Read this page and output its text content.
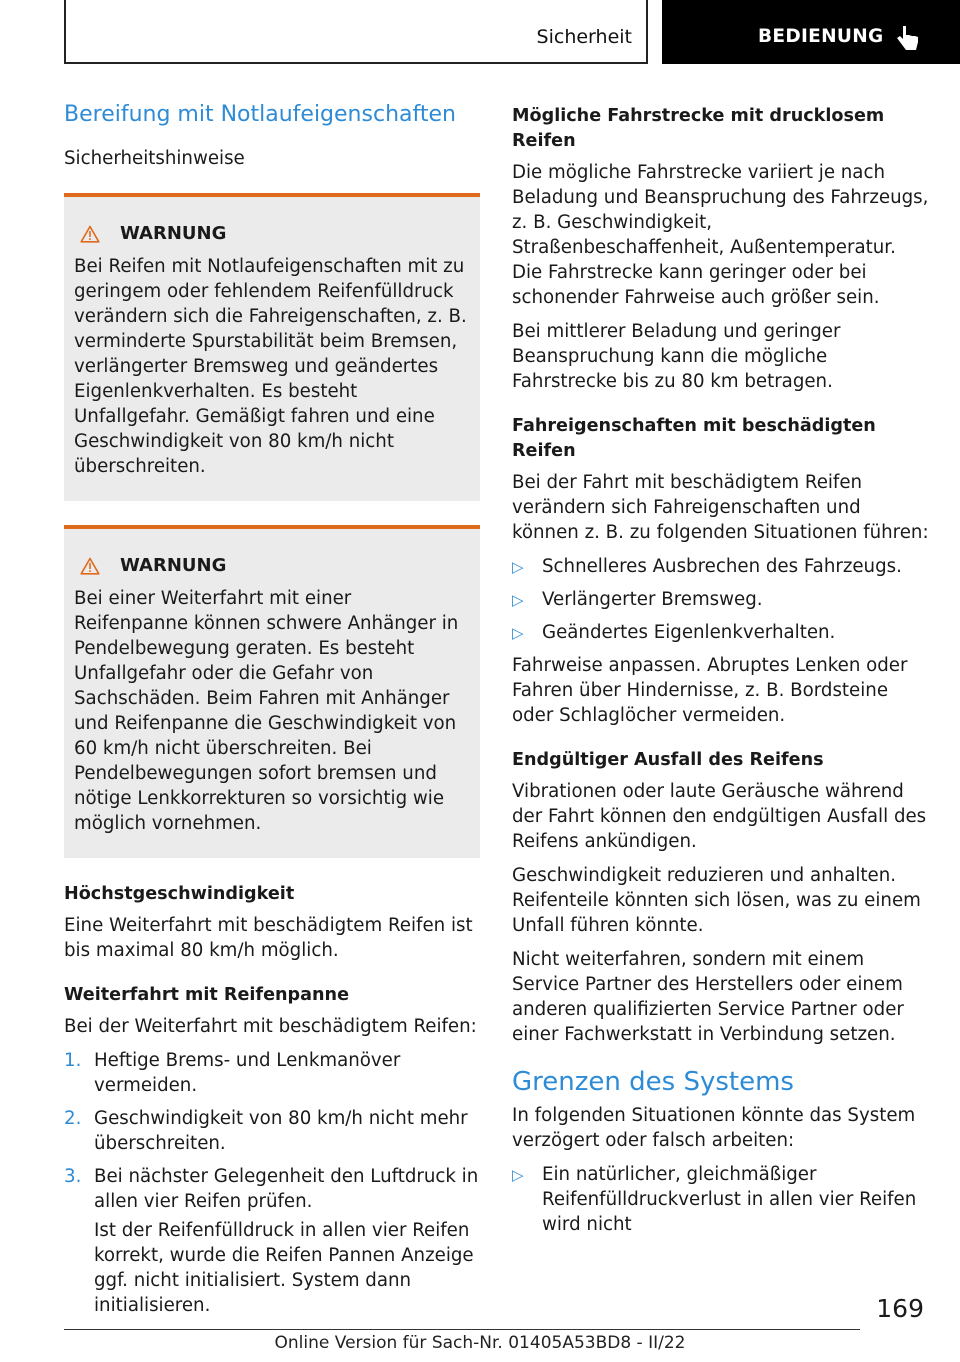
Sicherheit	BEDIENUNG
Bereifung mit Notlaufeigenschaften
Sicherheitshinweise
WARNUNG

Bei Reifen mit Notlaufeigenschaften mit zu geringem oder fehlendem Reifenfülldruck verändern sich die Fahreigenschaften, z. B. verminderte Spurstabilität beim Bremsen, verlängerter Bremsweg und geändertes Eigenlenkverhalten. Es besteht Unfallgefahr. Gemäßigt fahren und eine Geschwindigkeit von 80 km/h nicht überschreiten.

WARNUNG

Bei einer Weiterfahrt mit einer Reifenpanne können schwere Anhänger in Pendelbewegung geraten. Es besteht Unfallgefahr oder die Gefahr von Sachschäden. Beim Fahren mit Anhänger und Reifenpanne die Geschwindigkeit von 60 km/h nicht überschreiten. Bei Pendelbewegungen sofort bremsen und nötige Lenkkorrekturen so vorsichtig wie möglich vornehmen.

Höchstgeschwindigkeit

Eine Weiterfahrt mit beschädigtem Reifen ist bis maximal 80 km/h möglich.

Weiterfahrt mit Reifenpanne

Bei der Weiterfahrt mit beschädigtem Reifen:

1. Heftige Brems- und Lenkmanöver vermeiden.
2. Geschwindigkeit von 80 km/h nicht mehr überschreiten.
3. Bei nächster Gelegenheit den Luftdruck in allen vier Reifen prüfen.
Ist der Reifenfülldruck in allen vier Reifen korrekt, wurde die Reifen Pannen Anzeige ggf. nicht initialisiert. System dann initialisieren.
Mögliche Fahrstrecke mit drucklosem Reifen

Die mögliche Fahrstrecke variiert je nach Beladung und Beanspruchung des Fahrzeugs, z. B. Geschwindigkeit, Straßenbeschaffenheit, Außentemperatur. Die Fahrstrecke kann geringer oder bei schonender Fahrweise auch größer sein.

Bei mittlerer Beladung und geringer Beanspruchung kann die mögliche Fahrstrecke bis zu 80 km betragen.

Fahreigenschaften mit beschädigten Reifen

Bei der Fahrt mit beschädigtem Reifen verändern sich Fahreigenschaften und können z. B. zu folgenden Situationen führen:

▷ Schnelleres Ausbrechen des Fahrzeugs.
▷ Verlängerter Bremsweg.
▷ Geändertes Eigenlenkverhalten.

Fahrweise anpassen. Abruptes Lenken oder Fahren über Hindernisse, z. B. Bordsteine oder Schlaglöcher vermeiden.

Endgültiger Ausfall des Reifens

Vibrationen oder laute Geräusche während der Fahrt können den endgültigen Ausfall des Reifens ankündigen.

Geschwindigkeit reduzieren und anhalten. Reifenteile könnten sich lösen, was zu einem Unfall führen könnte.

Nicht weiterfahren, sondern mit einem Service Partner des Herstellers oder einem anderen qualifizierten Service Partner oder einer Fachwerkstatt in Verbindung setzen.

Grenzen des Systems

In folgenden Situationen könnte das System verzögert oder falsch arbeiten:

▷ Ein natürlicher, gleichmäßiger Reifenfülldruckverlust in allen vier Reifen wird nicht
169
Online Version für Sach-Nr. 01405A53BD8 - II/22
